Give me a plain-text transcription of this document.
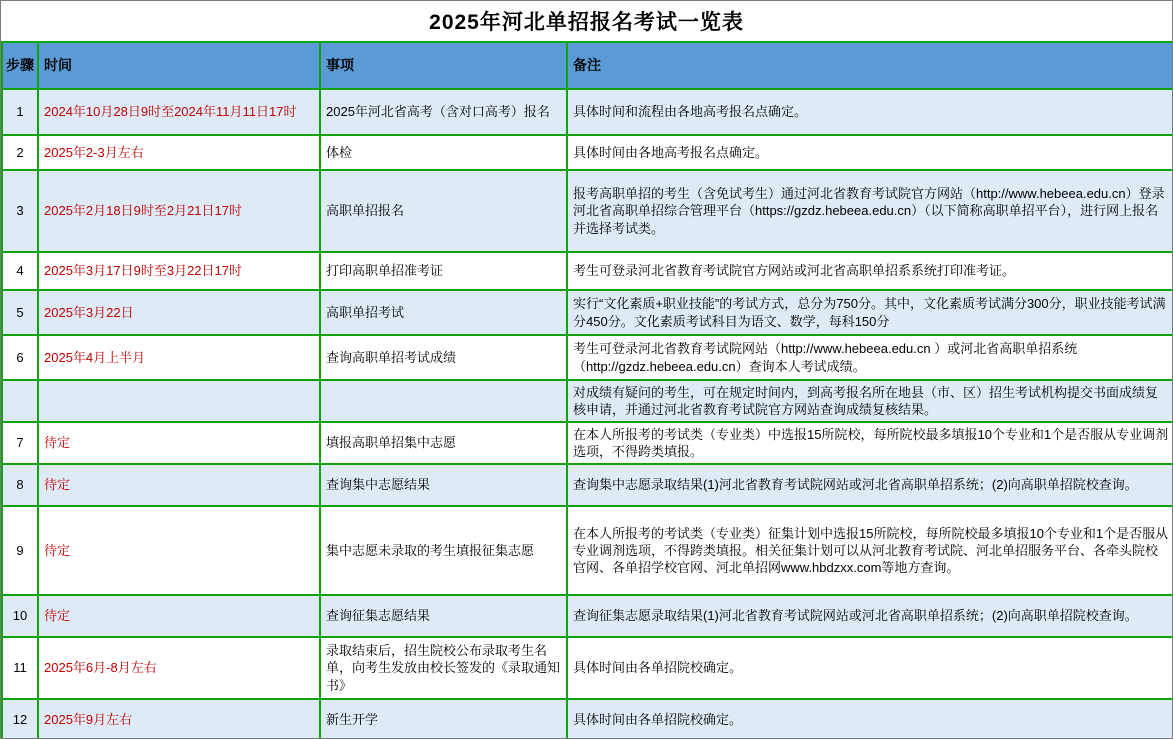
2025年河北单招报名考试一览表
步骤	时间	事项	备注
1	2024年10月28日9时至2024年11月11日17时	2025年河北省高考（含对口高考）报名	具体时间和流程由各地高考报名点确定。
2	2025年2-3月左右	体检	具体时间由各地高考报名点确定。
3	2025年2月18日9时至2月21日17时	高职单招报名	报考高职单招的考生（含免试考生）通过河北省教育考试院官方网站（http://www.hebeea.edu.cn）登录河北省高职单招综合管理平台（https://gzdz.hebeea.edu.cn）（以下简称高职单招平台），进行网上报名并选择考试类。
4	2025年3月17日9时至3月22日17时	打印高职单招准考证	考生可登录河北省教育考试院官方网站或河北省高职单招系系统打印准考证。
5	2025年3月22日	高职单招考试	实行“文化素质+职业技能”的考试方式，总分为750分。其中，文化素质考试满分300分，职业技能考试满分450分。文化素质考试科目为语文、数学，每科150分
6	2025年4月上半月	查询高职单招考试成绩	考生可登录河北省教育考试院网站（http://www.hebeea.edu.cn ）或河北省高职单招系统（http://gzdz.hebeea.edu.cn）查询本人考试成绩。
			对成绩有疑问的考生，可在规定时间内，到高考报名所在地县（市、区）招生考试机构提交书面成绩复核申请，并通过河北省教育考试院官方网站查询成绩复核结果。
7	待定	填报高职单招集中志愿	在本人所报考的考试类（专业类）中选报15所院校，每所院校最多填报10个专业和1个是否服从专业调剂选项，不得跨类填报。
8	待定	查询集中志愿结果	查询集中志愿录取结果(1)河北省教育考试院网站或河北省高职单招系统；(2)向高职单招院校查询。
9	待定	集中志愿未录取的考生填报征集志愿	在本人所报考的考试类（专业类）征集计划中选报15所院校，每所院校最多填报10个专业和1个是否服从专业调剂选项，不得跨类填报。相关征集计划可以从河北教育考试院、河北单招服务平台、各牵头院校官网、各单招学校官网、河北单招网www.hbdzxx.com等地方查询。
10	待定	查询征集志愿结果	查询征集志愿录取结果(1)河北省教育考试院网站或河北省高职单招系统；(2)向高职单招院校查询。
11	2025年6月-8月左右	录取结束后，招生院校公布录取考生名单，向考生发放由校长签发的《录取通知书》	具体时间由各单招院校确定。
12	2025年9月左右	新生开学	具体时间由各单招院校确定。
